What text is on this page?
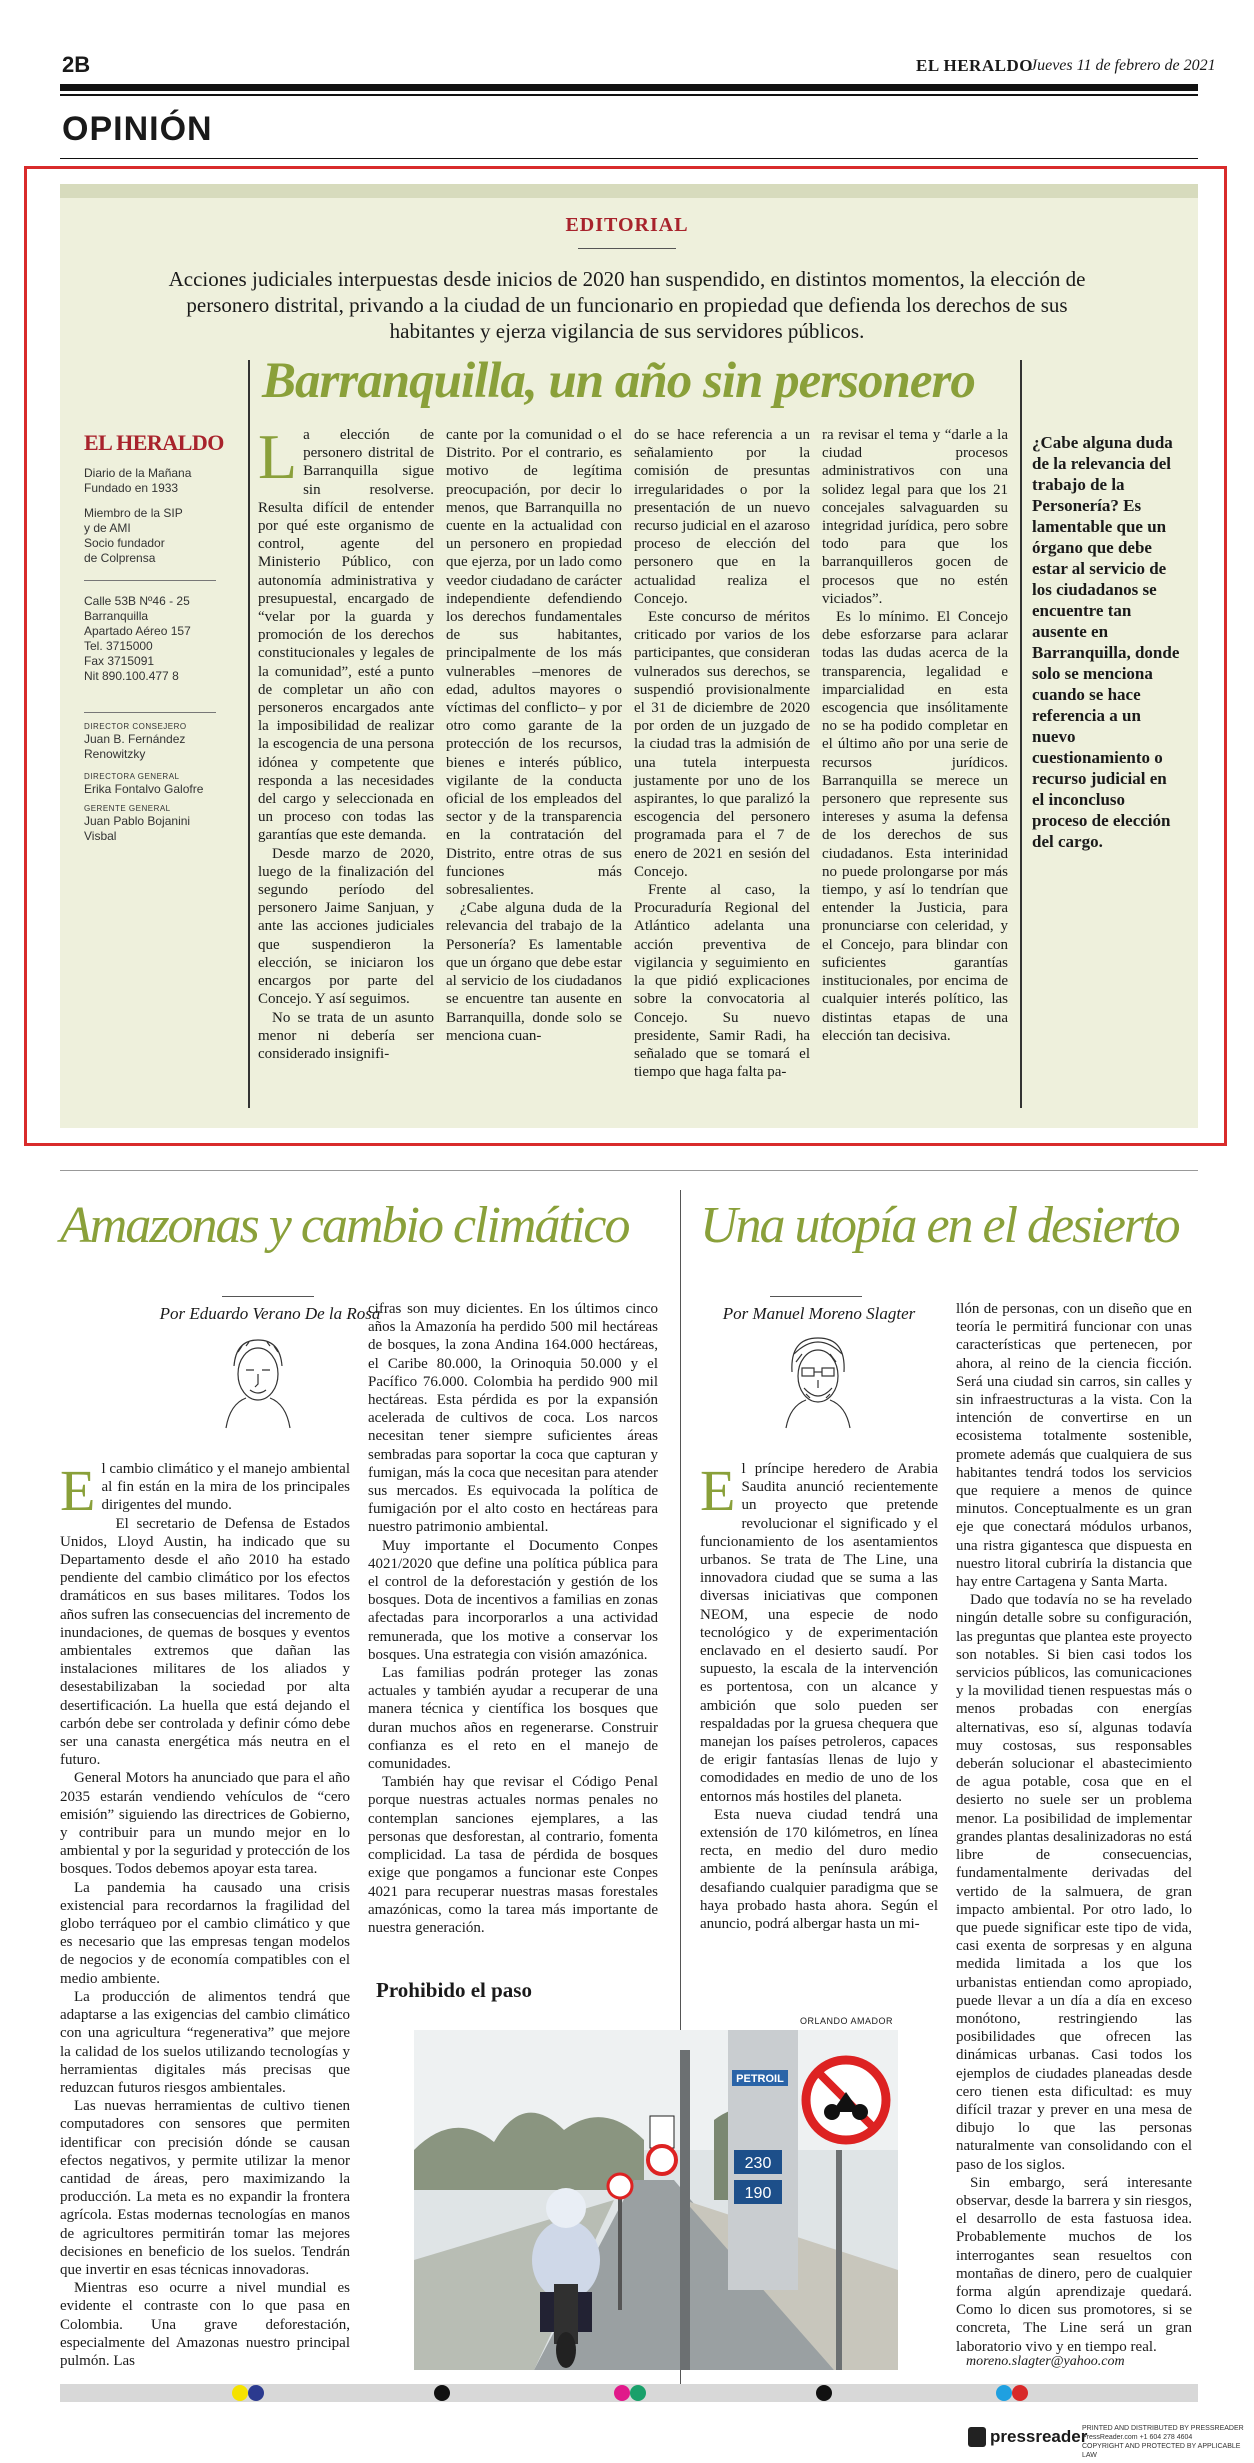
2B	EL HERALDO
Jueves 11 de febrero de 2021
OPINIÓN
EDITORIAL
Acciones judiciales interpuestas desde inicios de 2020 han suspendido, en distintos momentos, la elección de personero distrital, privando a la ciudad de un funcionario en propiedad que defienda los derechos de sus habitantes y ejerza vigilancia de sus servidores públicos.
Barranquilla, un año sin personero
EL HERALDO
Diario de la Mañana
Fundado en 1933
Miembro de la SIP
y de AMI
Socio fundador
de Colprensa
Calle 53B Nº46 - 25
Barranquilla
Apartado Aéreo 157
Tel. 3715000
Fax 3715091
Nit 890.100.477 8
DIRECTOR CONSEJERO
Juan B. Fernández
Renowitzky
DIRECTORA GENERAL
Erika Fontalvo Galofre
GERENTE GENERAL
Juan Pablo Bojanini
Visbal
L a elección de personero distrital de Barranquilla sigue sin resolverse. Resulta difícil de entender por qué este organismo de control, agente del Ministerio Público, con autonomía administrativa y presupuestal, encargado de “velar por la guarda y promoción de los derechos constitucionales y legales de la comunidad”, esté a punto de completar un año con personeros encargados ante la imposibilidad de realizar la escogencia de una persona idónea y competente que responda a las necesidades del cargo y seleccionada en un proceso con todas las garantías que este demanda.

Desde marzo de 2020, luego de la finalización del segundo período del personero Jaime Sanjuan, y ante las acciones judiciales que suspendieron la elección, se iniciaron los encargos por parte del Concejo. Y así seguimos.

No se trata de un asunto menor ni debería ser considerado insignifi-

cante por la comunidad o el Distrito. Por el contrario, es motivo de legítima preocupación, por decir lo menos, que Barranquilla no cuente en la actualidad con un personero en propiedad que ejerza, por un lado como veedor ciudadano de carácter independiente defendiendo los derechos fundamentales de sus habitantes, principalmente de los más vulnerables –menores de edad, adultos mayores o víctimas del conflicto– y por otro como garante de la protección de los recursos, bienes e interés público, vigilante de la conducta oficial de los empleados del sector y de la transparencia en la contratación del Distrito, entre otras de sus funciones más sobresalientes.

¿Cabe alguna duda de la relevancia del trabajo de la Personería? Es lamentable que un órgano que debe estar al servicio de los ciudadanos se encuentre tan ausente en Barranquilla, donde solo se menciona cuan-

do se hace referencia a un señalamiento por la comisión de presuntas irregularidades o por la presentación de un nuevo recurso judicial en el azaroso proceso de elección del personero que en la actualidad realiza el Concejo.

Este concurso de méritos criticado por varios de los participantes, que consideran vulnerados sus derechos, se suspendió provisionalmente el 31 de diciembre de 2020 por orden de un juzgado de la ciudad tras la admisión de una tutela interpuesta justamente por uno de los aspirantes, lo que paralizó la escogencia del personero programada para el 7 de enero de 2021 en sesión del Concejo.

Frente al caso, la Procuraduría Regional del Atlántico adelanta una acción preventiva de vigilancia y seguimiento en la que pidió explicaciones sobre la convocatoria al Concejo. Su nuevo presidente, Samir Radi, ha señalado que se tomará el tiempo que haga falta pa-

ra revisar el tema y “darle a la ciudad procesos administrativos con una solidez legal para que los 21 concejales salvaguarden su integridad jurídica, pero sobre todo para que los barranquilleros gocen de procesos que no estén viciados”.

Es lo mínimo. El Concejo debe esforzarse para aclarar todas las dudas acerca de la transparencia, legalidad e imparcialidad en esta escogencia que insólitamente no se ha podido completar en el último año por una serie de recursos jurídicos. Barranquilla se merece un personero que represente sus intereses y asuma la defensa de los derechos de sus ciudadanos. Esta interinidad no puede prolongarse por más tiempo, y así lo tendrían que entender la Justicia, para pronunciarse con celeridad, y el Concejo, para blindar con suficientes garantías institucionales, por encima de cualquier interés político, las distintas etapas de una elección tan decisiva.

¿Cabe alguna duda de la relevancia del trabajo de la Personería? Es lamentable que un órgano que debe estar al servicio de los ciudadanos se encuentre tan ausente en Barranquilla, donde solo se menciona cuando se hace referencia a un nuevo cuestionamiento o recurso judicial en el inconcluso proceso de elección del cargo.
Amazonas y cambio climático
Por Eduardo Verano De la Rosa
E l cambio climático y el manejo ambiental al fin están en la mira de los principales dirigentes del mundo.

El secretario de Defensa de Estados Unidos, Lloyd Austin, ha indicado que su Departamento desde el año 2010 ha estado pendiente del cambio climático por los efectos dramáticos en sus bases militares. Todos los años sufren las consecuencias del incremento de inundaciones, de quemas de bosques y eventos ambientales extremos que dañan las instalaciones militares de los aliados y desestabilizaban la sociedad por alta desertificación. La huella que está dejando el carbón debe ser controlada y definir cómo debe ser una canasta energética más neutra en el futuro.

General Motors ha anunciado que para el año 2035 estarán vendiendo vehículos de “cero emisión” siguiendo las directrices de Gobierno, y contribuir para un mundo mejor en lo ambiental y por la seguridad y protección de los bosques. Todos debemos apoyar esta tarea.

La pandemia ha causado una crisis existencial para recordarnos la fragilidad del globo terráqueo por el cambio climático y que es necesario que las empresas tengan modelos de negocios y de economía compatibles con el medio ambiente.

La producción de alimentos tendrá que adaptarse a las exigencias del cambio climático con una agricultura “regenerativa” que mejore la calidad de los suelos utilizando tecnologías y herramientas digitales más precisas que reduzcan futuros riesgos ambientales.

Las nuevas herramientas de cultivo tienen computadores con sensores que permiten identificar con precisión dónde se causan efectos negativos, y permite utilizar la menor cantidad de áreas, pero maximizando la producción. La meta es no expandir la frontera agrícola. Estas modernas tecnologías en manos de agricultores permitirán tomar las mejores decisiones en beneficio de los suelos. Tendrán que invertir en esas técnicas innovadoras.

Mientras eso ocurre a nivel mundial es evidente el contraste con lo que pasa en Colombia. Una grave deforestación, especialmente del Amazonas nuestro principal pulmón. Las

cifras son muy dicientes. En los últimos cinco años la Amazonía ha perdido 500 mil hectáreas de bosques, la zona Andina 164.000 hectáreas, el Caribe 80.000, la Orinoquia 50.000 y el Pacífico 76.000. Colombia ha perdido 900 mil hectáreas. Esta pérdida es por la expansión acelerada de cultivos de coca. Los narcos necesitan tener siempre suficientes áreas sembradas para soportar la coca que capturan y fumigan, más la coca que necesitan para atender sus mercados. Es equivocada la política de fumigación por el alto costo en hectáreas para nuestro patrimonio ambiental.

Muy importante el Documento Conpes 4021/2020 que define una política pública para el control de la deforestación y gestión de los bosques. Dota de incentivos a familias en zonas afectadas para incorporarlos a una actividad remunerada, que los motive a conservar los bosques. Una estrategia con visión amazónica.

Las familias podrán proteger las zonas actuales y también ayudar a recuperar de una manera técnica y científica los bosques que duran muchos años en regenerarse. Construir confianza es el reto en el manejo de comunidades.

También hay que revisar el Código Penal porque nuestras actuales normas penales no contemplan sanciones ejemplares, a las personas que desforestan, al contrario, fomenta complicidad. La tasa de pérdida de bosques exige que pongamos a funcionar este Conpes 4021 para recuperar nuestras masas forestales amazónicas, como la tarea más importante de nuestra generación.

Prohibido el paso
ORLANDO AMADOR
PETROIL
230
190
Una utopía en el desierto
Por Manuel Moreno Slagter
E l príncipe heredero de Arabia Saudita anunció recientemente un proyecto que pretende revolucionar el significado y el funcionamiento de los asentamientos urbanos. Se trata de The Line, una innovadora ciudad que se suma a las diversas iniciativas que componen NEOM, una especie de nodo tecnológico y de experimentación enclavado en el desierto saudí. Por supuesto, la escala de la intervención es portentosa, con un alcance y ambición que solo pueden ser respaldadas por la gruesa chequera que manejan los países petroleros, capaces de erigir fantasías llenas de lujo y comodidades en medio de uno de los entornos más hostiles del planeta.

Esta nueva ciudad tendrá una extensión de 170 kilómetros, en línea recta, en medio del duro medio ambiente de la península arábiga, desafiando cualquier paradigma que se haya probado hasta ahora. Según el anuncio, podrá albergar hasta un mi-

llón de personas, con un diseño que en teoría le permitirá funcionar con unas características que pertenecen, por ahora, al reino de la ciencia ficción. Será una ciudad sin carros, sin calles y sin infraestructuras a la vista. Con la intención de convertirse en un ecosistema totalmente sostenible, promete además que cualquiera de sus habitantes tendrá todos los servicios que requiere a menos de quince minutos. Conceptualmente es un gran eje que conectará módulos urbanos, una ristra gigantesca que dispuesta en nuestro litoral cubriría la distancia que hay entre Cartagena y Santa Marta.

Dado que todavía no se ha revelado ningún detalle sobre su configuración, las preguntas que plantea este proyecto son notables. Si bien casi todos los servicios públicos, las comunicaciones y la movilidad tienen respuestas más o menos probadas con energías alternativas, eso sí, algunas todavía muy costosas, sus responsables deberán solucionar el abastecimiento de agua potable, cosa que en el desierto no suele ser un problema menor. La posibilidad de implementar grandes plantas desalinizadoras no está libre de consecuencias, fundamentalmente derivadas del vertido de la salmuera, de gran impacto ambiental. Por otro lado, lo que puede significar este tipo de vida, casi exenta de sorpresas y en alguna medida limitada a los que los urbanistas entiendan como apropiado, puede llevar a un día a día en exceso monótono, restringiendo las posibilidades que ofrecen las dinámicas urbanas. Casi todos los ejemplos de ciudades planeadas desde cero tienen esta dificultad: es muy difícil trazar y prever en una mesa de dibujo lo que las personas naturalmente van consolidando con el paso de los siglos.

Sin embargo, será interesante observar, desde la barrera y sin riesgos, el desarrollo de esta fastuosa idea. Probablemente muchos de los interrogantes sean resueltos con montañas de dinero, pero de cualquier forma algún aprendizaje quedará. Como lo dicen sus promotores, si se concreta, The Line será un gran laboratorio vivo y en tiempo real.

moreno.slagter@yahoo.com
pressreader
PRINTED AND DISTRIBUTED BY PRESSREADER
PressReader.com +1 604 278 4604
COPYRIGHT AND PROTECTED BY APPLICABLE LAW
